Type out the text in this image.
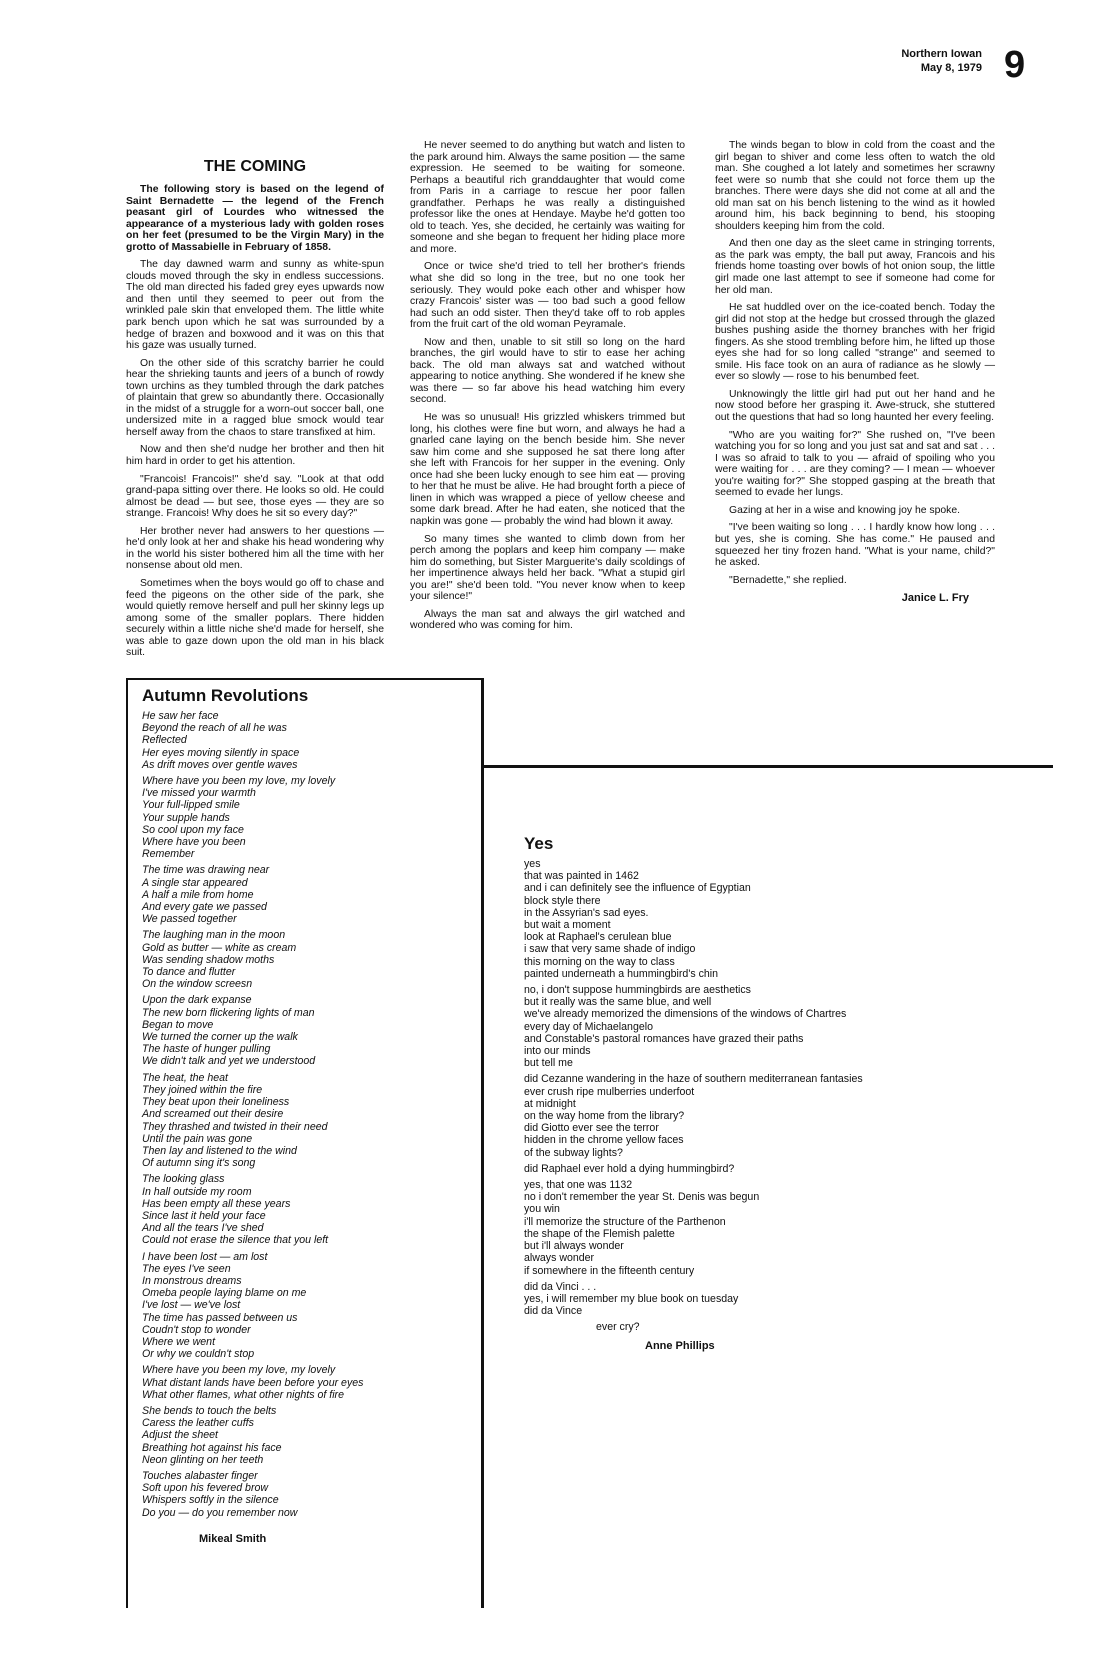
Northern Iowan
May 8, 1979 9
THE COMING

The following story is based on the legend of Saint Bernadette — the legend of the French peasant girl of Lourdes who witnessed the appearance of a mysterious lady with golden roses on her feet (presumed to be the Virgin Mary) in the grotto of Massabielle in February of 1858.

The day dawned warm and sunny as white-spun clouds moved through the sky in endless successions. The old man directed his faded grey eyes upwards now and then until they seemed to peer out from the wrinkled pale skin that enveloped them. The little white park bench upon which he sat was surrounded by a hedge of brazen and boxwood and it was on this that his gaze was usually turned.

On the other side of this scratchy barrier he could hear the shrieking taunts and jeers of a bunch of rowdy town urchins as they tumbled through the dark patches of plaintain that grew so abundantly there. Occasionally in the midst of a struggle for a worn-out soccer ball, one undersized mite in a ragged blue smock would tear herself away from the chaos to stare transfixed at him.

Now and then she'd nudge her brother and then hit him hard in order to get his attention.

"Francois! Francois!" she'd say. "Look at that odd grand-papa sitting over there. He looks so old. He could almost be dead — but see, those eyes — they are so strange. Francois! Why does he sit so every day?"

Her brother never had answers to her questions — he'd only look at her and shake his head wondering why in the world his sister bothered him all the time with her nonsense about old men.

Sometimes when the boys would go off to chase and feed the pigeons on the other side of the park, she would quietly remove herself and pull her skinny legs up among some of the smaller poplars. There hidden securely within a little niche she'd made for herself, she was able to gaze down upon the old man in his black suit.

He never seemed to do anything but watch and listen to the park around him. Always the same position — the same expression. He seemed to be waiting for someone. Perhaps a beautiful rich granddaughter that would come from Paris in a carriage to rescue her poor fallen grandfather. Perhaps he was really a distinguished professor like the ones at Hendaye. Maybe he'd gotten too old to teach. Yes, she decided, he certainly was waiting for someone and she began to frequent her hiding place more and more.

Once or twice she'd tried to tell her brother's friends what she did so long in the tree, but no one took her seriously. They would poke each other and whisper how crazy Francois' sister was — too bad such a good fellow had such an odd sister. Then they'd take off to rob apples from the fruit cart of the old woman Peyramale.

Now and then, unable to sit still so long on the hard branches, the girl would have to stir to ease her aching back. The old man always sat and watched without appearing to notice anything. She wondered if he knew she was there — so far above his head watching him every second.

He was so unusual! His grizzled whiskers trimmed but long, his clothes were fine but worn, and always he had a gnarled cane laying on the bench beside him. She never saw him come and she supposed he sat there long after she left with Francois for her supper in the evening. Only once had she been lucky enough to see him eat — proving to her that he must be alive. He had brought forth a piece of linen in which was wrapped a piece of yellow cheese and some dark bread. After he had eaten, she noticed that the napkin was gone — probably the wind had blown it away.

So many times she wanted to climb down from her perch among the poplars and keep him company — make him do something, but Sister Marguerite's daily scoldings of her impertinence always held her back. "What a stupid girl you are!" she'd been told. "You never know when to keep your silence!"

Always the man sat and always the girl watched and wondered who was coming for him.

The winds began to blow in cold from the coast and the girl began to shiver and come less often to watch the old man. She coughed a lot lately and sometimes her scrawny feet were so numb that she could not force them up the branches. There were days she did not come at all and the old man sat on his bench listening to the wind as it howled around him, his back beginning to bend, his stooping shoulders keeping him from the cold.

And then one day as the sleet came in stringing torrents, as the park was empty, the ball put away, Francois and his friends home toasting over bowls of hot onion soup, the little girl made one last attempt to see if someone had come for her old man.

He sat huddled over on the ice-coated bench. Today the girl did not stop at the hedge but crossed through the glazed bushes pushing aside the thorney branches with her frigid fingers. As she stood trembling before him, he lifted up those eyes she had for so long called "strange" and seemed to smile. His face took on an aura of radiance as he slowly — ever so slowly — rose to his benumbed feet.

Unknowingly the little girl had put out her hand and he now stood before her grasping it. Awe-struck, she stuttered out the questions that had so long haunted her every feeling.

"Who are you waiting for?" She rushed on, "I've been watching you for so long and you just sat and sat and sat . . . I was so afraid to talk to you — afraid of spoiling who you were waiting for . . . are they coming? — I mean — whoever you're waiting for?" She stopped gasping at the breath that seemed to evade her lungs.

Gazing at her in a wise and knowing joy he spoke.

"I've been waiting so long . . . I hardly know how long . . . but yes, she is coming. She has come." He paused and squeezed her tiny frozen hand. "What is your name, child?" he asked.

"Bernadette," she replied.

Janice L. Fry
Autumn Revolutions
He saw her face
Beyond the reach of all he was
Reflected
Her eyes moving silently in space
As drift moves over gentle waves
Where have you been my love, my lovely
I've missed your warmth
Your full-lipped smile
Your supple hands
So cool upon my face
Where have you been
Remember
The time was drawing near
A single star appeared
A half a mile from home
And every gate we passed
We passed together
The laughing man in the moon
Gold as butter — white as cream
Was sending shadow moths
To dance and flutter
On the window screesn
Upon the dark expanse
The new born flickering lights of man
Began to move
We turned the corner up the walk
The haste of hunger pulling
We didn't talk and yet we understood
The heat, the heat
They joined within the fire
They beat upon their loneliness
And screamed out their desire
They thrashed and twisted in their need
Until the pain was gone
Then lay and listened to the wind
Of autumn sing it's song
The looking glass
In hall outside my room
Has been empty all these years
Since last it held your face
And all the tears I've shed
Could not erase the silence that you left
I have been lost — am lost
The eyes I've seen
In monstrous dreams
Omeba people laying blame on me
I've lost — we've lost
The time has passed between us
Coudn't stop to wonder
Where we went
Or why we couldn't stop
Where have you been my love, my lovely
What distant lands have been before your eyes
What other flames, what other nights of fire
She bends to touch the belts
Caress the leather cuffs
Adjust the sheet
Breathing hot against his face
Neon glinting on her teeth
Touches alabaster finger
Soft upon his fevered brow
Whispers softly in the silence
Do you — do you remember now
Mikeal Smith
Yes
yes
that was painted in 1462
and i can definitely see the influence of Egyptian
block style there
in the Assyrian's sad eyes.
but wait a moment
look at Raphael's cerulean blue
i saw that very same shade of indigo
this morning on the way to class
painted underneath a hummingbird's chin
no, i don't suppose hummingbirds are aesthetics
but it really was the same blue, and well
we've already memorized the dimensions of the windows of Chartres
every day of Michaelangelo
and Constable's pastoral romances have grazed their paths
into our minds
but tell me
did Cezanne wandering in the haze of southern mediterranean fantasies
ever crush ripe mulberries underfoot
at midnight
on the way home from the library?
did Giotto ever see the terror
hidden in the chrome yellow faces
of the subway lights?
did Raphael ever hold a dying hummingbird?
yes, that one was 1132
no i don't remember the year St. Denis was begun
you win
i'll memorize the structure of the Parthenon
the shape of the Flemish palette
but i'll always wonder
always wonder
if somewhere in the fifteenth century
did da Vinci . . .
yes, i will remember my blue book on tuesday
did da Vince
ever cry?
Anne Phillips
